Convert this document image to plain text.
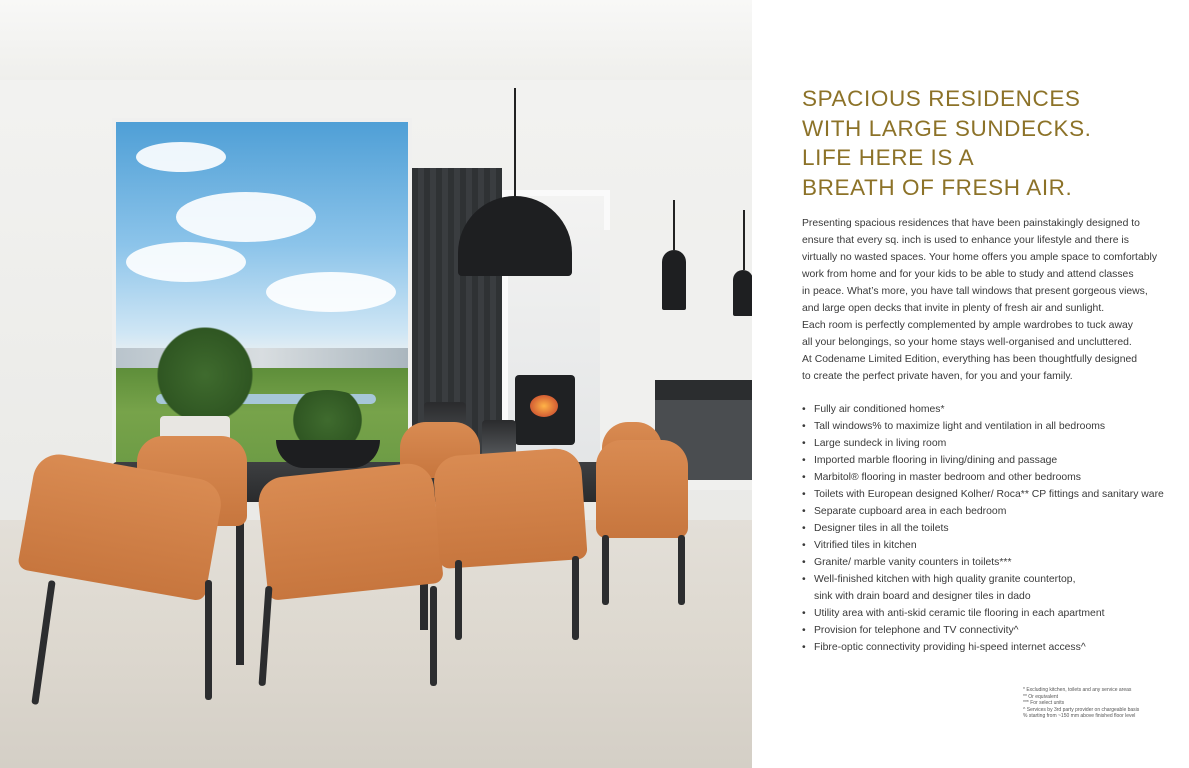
SPACIOUS RESIDENCES
WITH LARGE SUNDECKS.
LIFE HERE IS A
BREATH OF FRESH AIR.
Presenting spacious residences that have been painstakingly designed to
ensure that every sq. inch is used to enhance your lifestyle and there is
virtually no wasted spaces. Your home offers you ample space to comfortably
work from home and for your kids to be able to study and attend classes
in peace. What’s more, you have tall windows that present gorgeous views,
and large open decks that invite in plenty of fresh air and sunlight.
Each room is perfectly complemented by ample wardrobes to tuck away
all your belongings, so your home stays well-organised and uncluttered.
At Codename Limited Edition, everything has been thoughtfully designed
to create the perfect private haven, for you and your family.
• Fully air conditioned homes*
• Tall windows% to maximize light and ventilation in all bedrooms
• Large sundeck in living room
• Imported marble flooring in living/dining and passage
• Marbitol® flooring in master bedroom and other bedrooms
• Toilets with European designed Kolher/ Roca** CP fittings and sanitary ware
• Separate cupboard area in each bedroom
• Designer tiles in all the toilets
• Vitrified tiles in kitchen
• Granite/ marble vanity counters in toilets***
• Well-finished kitchen with high quality granite countertop,
sink with drain board and designer tiles in dado
• Utility area with anti-skid ceramic tile flooring in each apartment
• Provision for telephone and TV connectivity^
• Fibre-optic connectivity providing hi-speed internet access^
* Excluding kitchen, toilets and any service areas
** Or equivalent
*** For select units
^ Services by 3rd party provider on chargeable basis
% starting from ~150 mm above finished floor level
